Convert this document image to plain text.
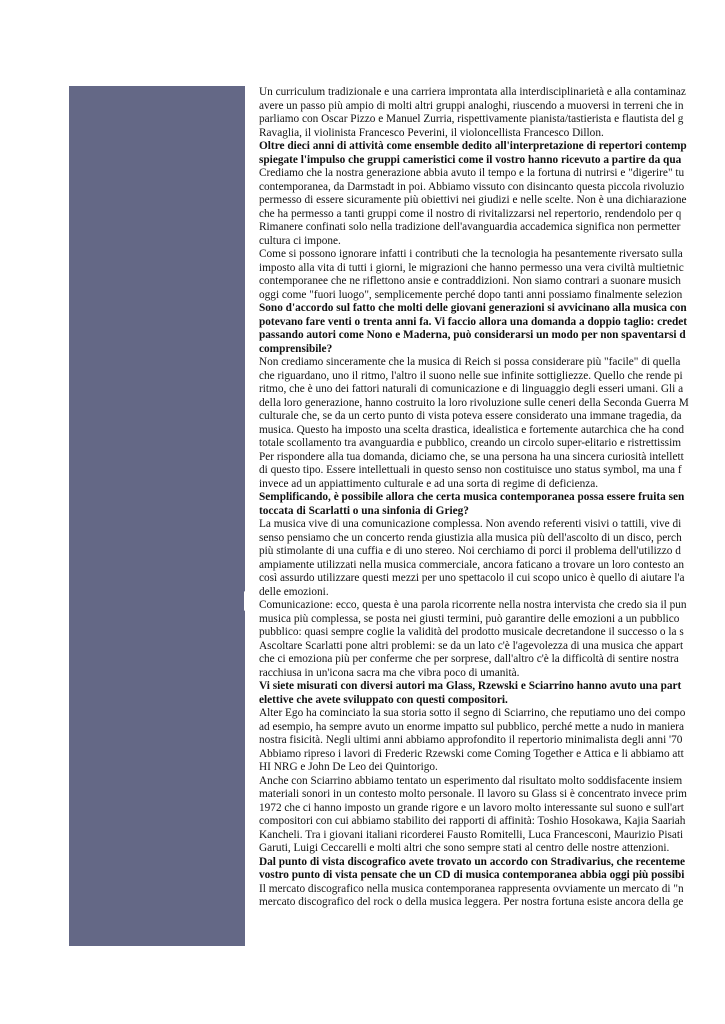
Un curriculum tradizionale e una carriera improntata alla interdisciplinarietà e alla contaminaz
avere un passo più ampio di molti altri gruppi analoghi, riuscendo a muoversi in terreni che in
parliamo con Oscar Pizzo e Manuel Zurria, rispettivamente pianista/tastierista e flautista del g
Ravaglia, il violinista Francesco Peverini, il violoncellista Francesco Dillon.
Oltre dieci anni di attività come ensemble dedito all'interpretazione di repertori contemp
spiegate l'impulso che gruppi cameristici come il vostro hanno ricevuto a partire da qua
Crediamo che la nostra generazione abbia avuto il tempo e la fortuna di nutrirsi e "digerire" tu
contemporanea, da Darmstadt in poi. Abbiamo vissuto con disincanto questa piccola rivoluzio
permesso di essere sicuramente più obiettivi nei giudizi e nelle scelte. Non è una dichiarazione
che ha permesso a tanti gruppi come il nostro di rivitalizzarsi nel repertorio, rendendolo per q
Rimanere confinati solo nella tradizione dell'avanguardia accademica significa non permetter
cultura ci impone.
Come si possono ignorare infatti i contributi che la tecnologia ha pesantemente riversato sulla
imposto alla vita di tutti i giorni, le migrazioni che hanno permesso una vera civiltà multietnic
contemporanee che ne riflettono ansie e contraddizioni. Non siamo contrari a suonare musich
oggi come "fuori luogo", semplicemente perché dopo tanti anni possiamo finalmente selezion
Sono d'accordo sul fatto che molti delle giovani generazioni si avvicinano alla musica con
potevano fare venti o trenta anni fa. Vi faccio allora una domanda a doppio taglio: credet
passando autori come Nono e Maderna, può considerarsi un modo per non spaventarsi d
comprensibile?
Non crediamo sinceramente che la musica di Reich si possa considerare più "facile" di quella
che riguardano, uno il ritmo, l'altro il suono nelle sue infinite sottigliezze. Quello che rende pi
ritmo, che è uno dei fattori naturali di comunicazione e di linguaggio degli esseri umani. Gli a
della loro generazione, hanno costruito la loro rivoluzione sulle ceneri della Seconda Guerra M
culturale che, se da un certo punto di vista poteva essere considerato una immane tragedia, da
musica. Questo ha imposto una scelta drastica, idealistica e fortemente autarchica che ha cond
totale scollamento tra avanguardia e pubblico, creando un circolo super-elitario e ristrettissim
Per rispondere alla tua domanda, diciamo che, se una persona ha una sincera curiosità intellett
di questo tipo. Essere intellettuali in questo senso non costituisce uno status symbol, ma una f
invece ad un appiattimento culturale e ad una sorta di regime di deficienza.
Semplificando, è possibile allora che certa musica contemporanea possa essere fruita sen
toccata di Scarlatti o una sinfonia di Grieg?
La musica vive di una comunicazione complessa. Non avendo referenti visivi o tattili, vive di
senso pensiamo che un concerto renda giustizia alla musica più dell'ascolto di un disco, perch
più stimolante di una cuffia e di uno stereo. Noi cerchiamo di porci il problema dell'utilizzo d
ampiamente utilizzati nella musica commerciale, ancora faticano a trovare un loro contesto an
così assurdo utilizzare questi mezzi per uno spettacolo il cui scopo unico è quello di aiutare l'a
delle emozioni.
Comunicazione: ecco, questa è una parola ricorrente nella nostra intervista che credo sia il pun
musica più complessa, se posta nei giusti termini, può garantire delle emozioni a un pubblico
pubblico: quasi sempre coglie la validità del prodotto musicale decretandone il successo o la s
Ascoltare Scarlatti pone altri problemi: se da un lato c'è l'agevolezza di una musica che appart
che ci emoziona più per conferme che per sorprese, dall'altro c'è la difficoltà di sentire nostra
racchiusa in un'icona sacra ma che vibra poco di umanità.
Vi siete misurati con diversi autori ma Glass, Rzewski e Sciarrino hanno avuto una part
elettive che avete sviluppato con questi compositori.
Alter Ego ha cominciato la sua storia sotto il segno di Sciarrino, che reputiamo uno dei compo
ad esempio, ha sempre avuto un enorme impatto sul pubblico, perché mette a nudo in maniera
nostra fisicità. Negli ultimi anni abbiamo approfondito il repertorio minimalista degli anni '70
Abbiamo ripreso i lavori di Frederic Rzewski come Coming Together e Attica e li abbiamo att
HI NRG e John De Leo dei Quintorigo.
Anche con Sciarrino abbiamo tentato un esperimento dal risultato molto soddisfacente insiem
materiali sonori in un contesto molto personale. Il lavoro su Glass si è concentrato invece prim
1972 che ci hanno imposto un grande rigore e un lavoro molto interessante sul suono e sull'art
compositori con cui abbiamo stabilito dei rapporti di affinità: Toshio Hosokawa, Kajia Saariah
Kancheli. Tra i giovani italiani ricorderei Fausto Romitelli, Luca Francesconi, Maurizio Pisati
Garuti, Luigi Ceccarelli e molti altri che sono sempre stati al centro delle nostre attenzioni.
Dal punto di vista discografico avete trovato un accordo con Stradivarius, che recenteme
vostro punto di vista pensate che un CD di musica contemporanea abbia oggi più possibi
Il mercato discografico nella musica contemporanea rappresenta ovviamente un mercato di "n
mercato discografico del rock o della musica leggera. Per nostra fortuna esiste ancora della ge
